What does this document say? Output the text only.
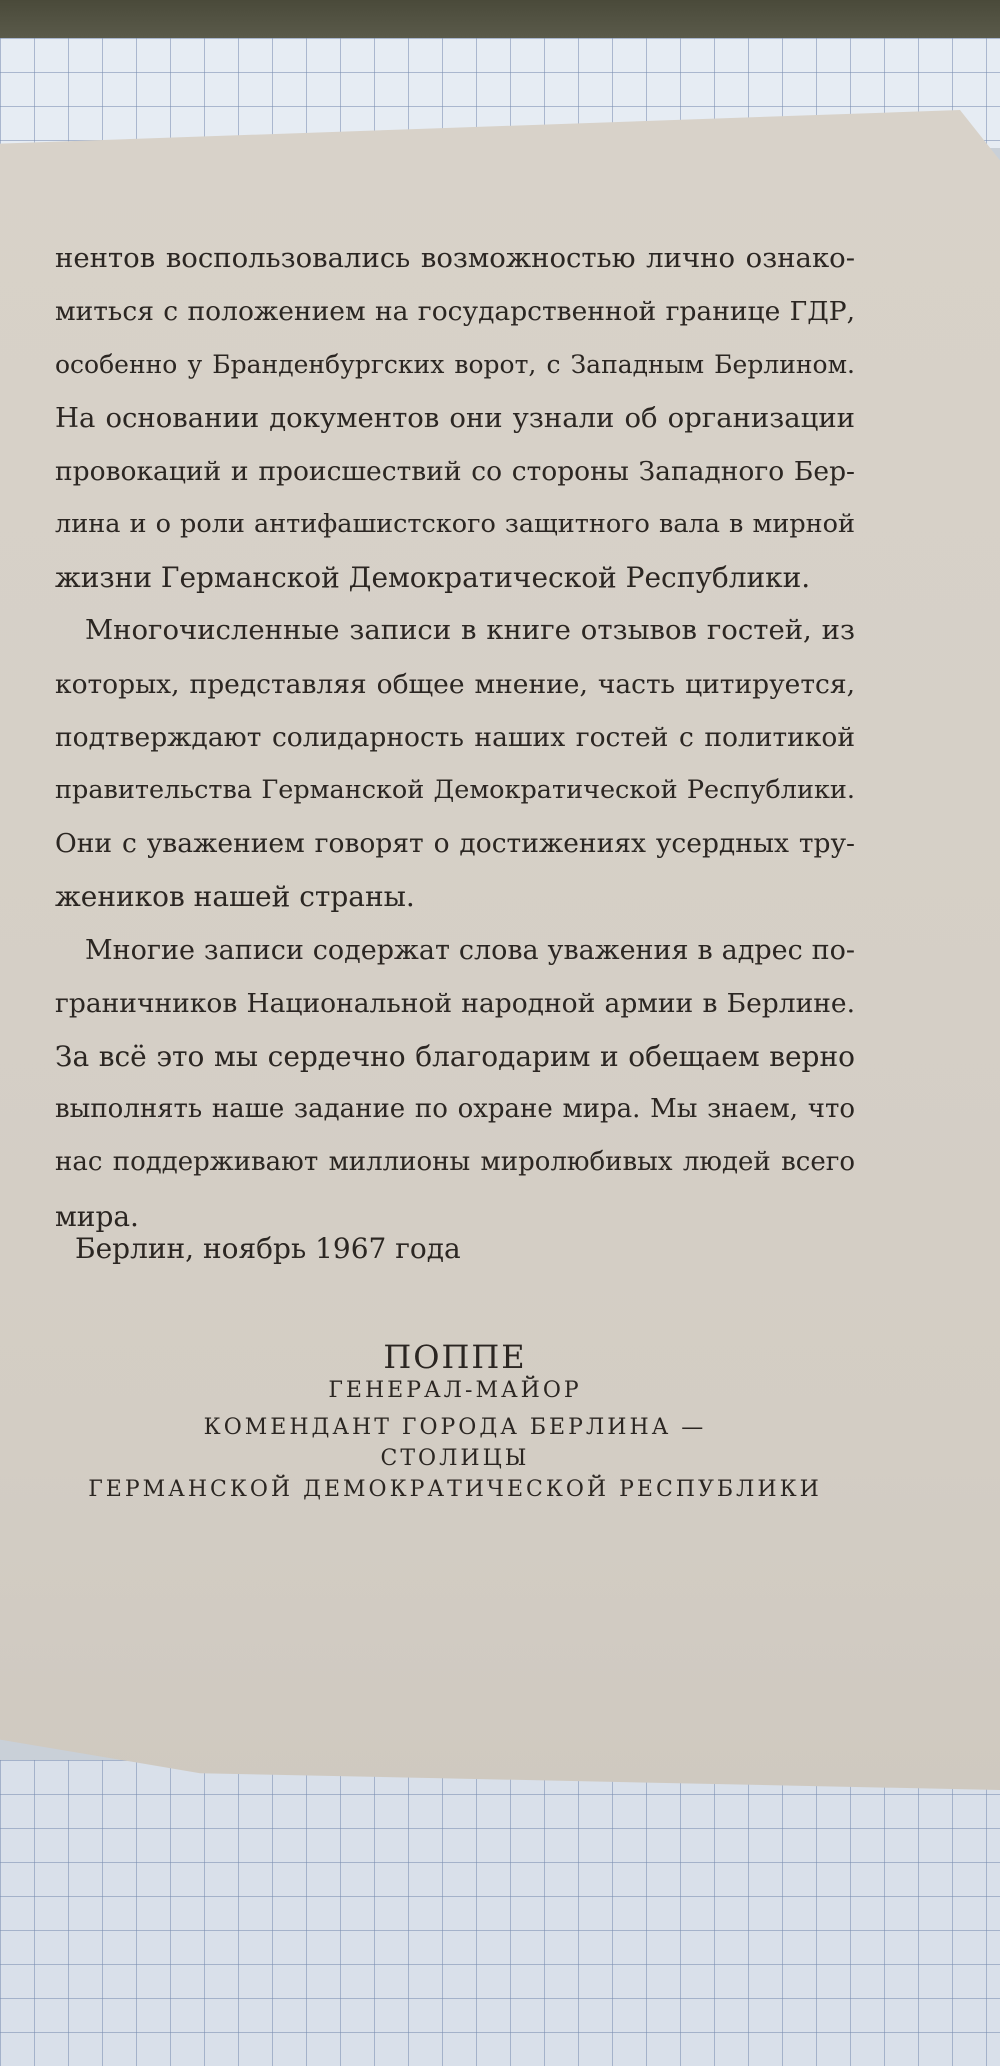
нентов воспользовались возможностью лично ознако-
миться с положением на государственной границе ГДР,
особенно у Бранденбургских ворот, с Западным Берлином.
На основании документов они узнали об организации
провокаций и происшествий со стороны Западного Бер-
лина и о роли антифашистского защитного вала в мирной
жизни Германской Демократической Республики.
Многочисленные записи в книге отзывов гостей, из
которых, представляя общее мнение, часть цитируется,
подтверждают солидарность наших гостей с политикой
правительства Германской Демократической Республики.
Они с уважением говорят о достижениях усердных тру-
жеников нашей страны.
Многие записи содержат слова уважения в адрес по-
граничников Национальной народной армии в Берлине.
За всё это мы сердечно благодарим и обещаем верно
выполнять наше задание по охране мира. Мы знаем, что
нас поддерживают миллионы миролюбивых людей всего
мира.
Берлин, ноябрь 1967 года
ПОППЕ
ГЕНЕРАЛ-МАЙОР
КОМЕНДАНТ ГОРОДА БЕРЛИНА —
СТОЛИЦЫ
ГЕРМАНСКОЙ ДЕМОКРАТИЧЕСКОЙ РЕСПУБЛИКИ
